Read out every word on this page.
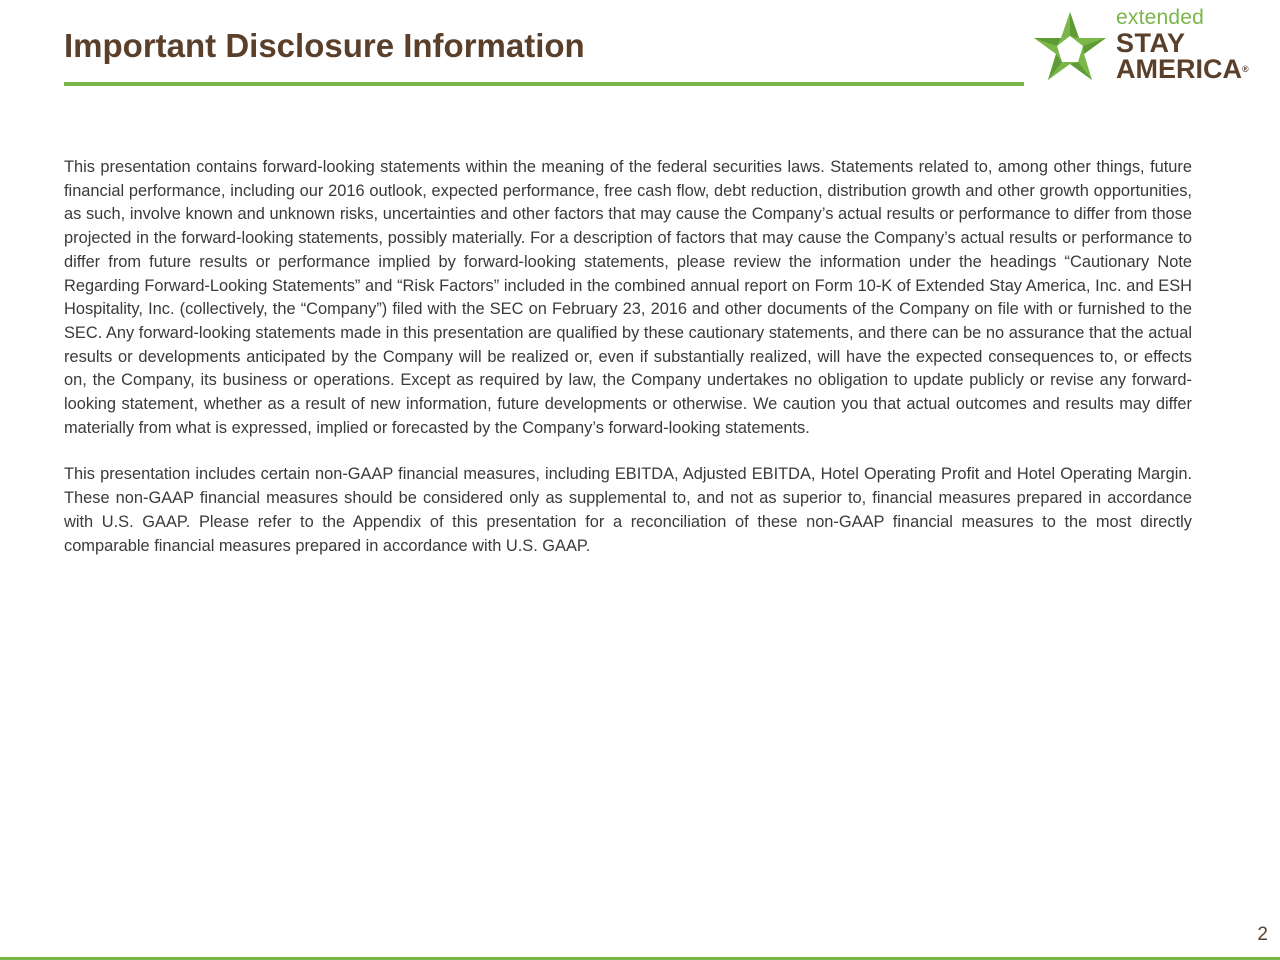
Important Disclosure Information
extended
STAY
AMERICA®

This presentation contains forward-looking statements within the meaning of the federal securities laws. Statements related to, among other things, future financial performance, including our 2016 outlook, expected performance, free cash flow, debt reduction, distribution growth and other growth opportunities, as such, involve known and unknown risks, uncertainties and other factors that may cause the Company’s actual results or performance to differ from those projected in the forward-looking statements, possibly materially. For a description of factors that may cause the Company’s actual results or performance to differ from future results or performance implied by forward-looking statements, please review the information under the headings “Cautionary Note Regarding Forward-Looking Statements” and “Risk Factors” included in the combined annual report on Form 10-K of Extended Stay America, Inc. and ESH Hospitality, Inc. (collectively, the “Company”) filed with the SEC on February 23, 2016 and other documents of the Company on file with or furnished to the SEC. Any forward-looking statements made in this presentation are qualified by these cautionary statements, and there can be no assurance that the actual results or developments anticipated by the Company will be realized or, even if substantially realized, will have the expected consequences to, or effects on, the Company, its business or operations. Except as required by law, the Company undertakes no obligation to update publicly or revise any forward-looking statement, whether as a result of new information, future developments or otherwise. We caution you that actual outcomes and results may differ materially from what is expressed, implied or forecasted by the Company’s forward-looking statements.

This presentation includes certain non-GAAP financial measures, including EBITDA, Adjusted EBITDA, Hotel Operating Profit and Hotel Operating Margin. These non-GAAP financial measures should be considered only as supplemental to, and not as superior to, financial measures prepared in accordance with U.S. GAAP. Please refer to the Appendix of this presentation for a reconciliation of these non-GAAP financial measures to the most directly comparable financial measures prepared in accordance with U.S. GAAP.

2
